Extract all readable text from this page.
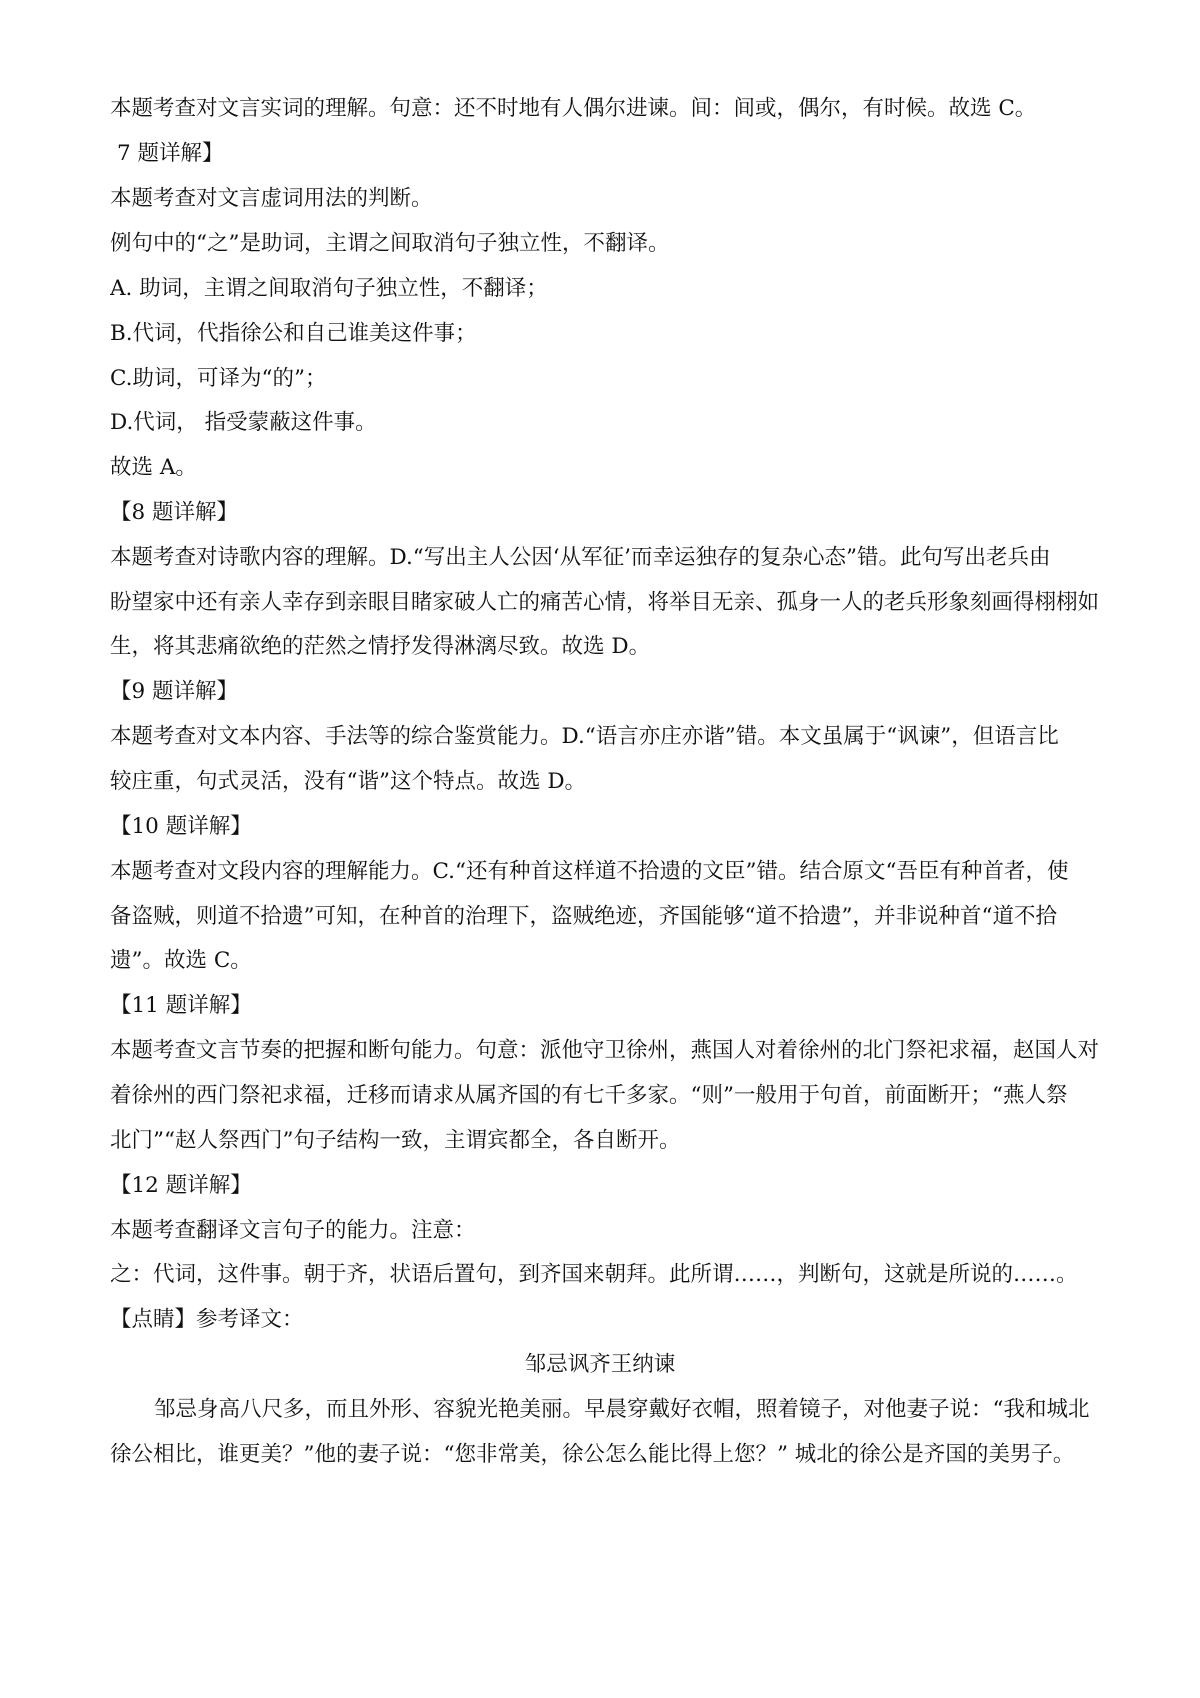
本题考查对文言实词的理解。句意：还不时地有人偶尔进谏。间：间或，偶尔，有时候。故选 C。
7 题详解】
本题考查对文言虚词用法的判断。
例句中的“之”是助词，主谓之间取消句子独立性，不翻译。
A. 助词，主谓之间取消句子独立性，不翻译；
B.代词，代指徐公和自己谁美这件事；
C.助词，可译为“的”；
D.代词， 指受蒙蔽这件事。
故选 A。
【8 题详解】
本题考查对诗歌内容的理解。D.“写出主人公因‘从军征’而幸运独存的复杂心态”错。此句写出老兵由
盼望家中还有亲人幸存到亲眼目睹家破人亡的痛苦心情，将举目无亲、孤身一人的老兵形象刻画得栩栩如
生，将其悲痛欲绝的茫然之情抒发得淋漓尽致。故选 D。
【9 题详解】
本题考查对文本内容、手法等的综合鉴赏能力。D.“语言亦庄亦谐”错。本文虽属于“讽谏”，但语言比
较庄重，句式灵活，没有“谐”这个特点。故选 D。
【10 题详解】
本题考查对文段内容的理解能力。C.“还有种首这样道不拾遗的文臣”错。结合原文“吾臣有种首者，使
备盗贼，则道不拾遗”可知，在种首的治理下，盗贼绝迹，齐国能够“道不拾遗”，并非说种首“道不拾
遗”。故选 C。
【11 题详解】
本题考查文言节奏的把握和断句能力。句意：派他守卫徐州，燕国人对着徐州的北门祭祀求福，赵国人对
着徐州的西门祭祀求福，迁移而请求从属齐国的有七千多家。“则”一般用于句首，前面断开；“燕人祭
北门”“赵人祭西门”句子结构一致，主谓宾都全，各自断开。
【12 题详解】
本题考查翻译文言句子的能力。注意：
之：代词，这件事。朝于齐，状语后置句，到齐国来朝拜。此所谓……，判断句，这就是所说的……。
【点睛】参考译文：
邹忌讽齐王纳谏
邹忌身高八尺多，而且外形、容貌光艳美丽。早晨穿戴好衣帽，照着镜子，对他妻子说：“我和城北
徐公相比，谁更美？”他的妻子说：“您非常美，徐公怎么能比得上您？” 城北的徐公是齐国的美男子。
